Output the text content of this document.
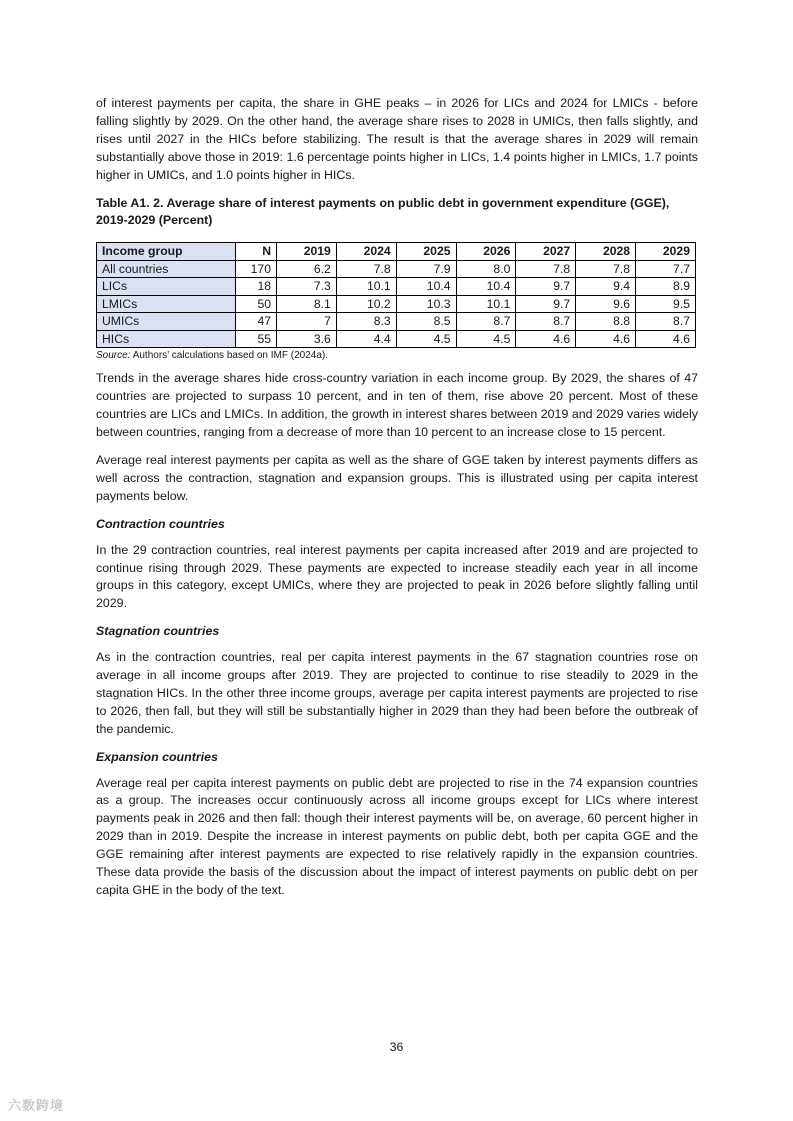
of interest payments per capita, the share in GHE peaks – in 2026 for LICs and 2024 for LMICs - before falling slightly by 2029. On the other hand, the average share rises to 2028 in UMICs, then falls slightly, and rises until 2027 in the HICs before stabilizing. The result is that the average shares in 2029 will remain substantially above those in 2019: 1.6 percentage points higher in LICs, 1.4 points higher in LMICs, 1.7 points higher in UMICs, and 1.0 points higher in HICs.

Table A1. 2. Average share of interest payments on public debt in government expenditure (GGE), 2019-2029 (Percent)
Income group	N	2019	2024	2025	2026	2027	2028	2029
All countries	170	6.2	7.8	7.9	8.0	7.8	7.8	7.7
LICs	18	7.3	10.1	10.4	10.4	9.7	9.4	8.9
LMICs	50	8.1	10.2	10.3	10.1	9.7	9.6	9.5
UMICs	47	7	8.3	8.5	8.7	8.7	8.8	8.7
HICs	55	3.6	4.4	4.5	4.5	4.6	4.6	4.6
Source: Authors’ calculations based on IMF (2024a).

Trends in the average shares hide cross-country variation in each income group. By 2029, the shares of 47 countries are projected to surpass 10 percent, and in ten of them, rise above 20 percent. Most of these countries are LICs and LMICs. In addition, the growth in interest shares between 2019 and 2029 varies widely between countries, ranging from a decrease of more than 10 percent to an increase close to 15 percent.

Average real interest payments per capita as well as the share of GGE taken by interest payments differs as well across the contraction, stagnation and expansion groups. This is illustrated using per capita interest payments below.

Contraction countries

In the 29 contraction countries, real interest payments per capita increased after 2019 and are projected to continue rising through 2029. These payments are expected to increase steadily each year in all income groups in this category, except UMICs, where they are projected to peak in 2026 before slightly falling until 2029.

Stagnation countries

As in the contraction countries, real per capita interest payments in the 67 stagnation countries rose on average in all income groups after 2019. They are projected to continue to rise steadily to 2029 in the stagnation HICs. In the other three income groups, average per capita interest payments are projected to rise to 2026, then fall, but they will still be substantially higher in 2029 than they had been before the outbreak of the pandemic.

Expansion countries

Average real per capita interest payments on public debt are projected to rise in the 74 expansion countries as a group. The increases occur continuously across all income groups except for LICs where interest payments peak in 2026 and then fall: though their interest payments will be, on average, 60 percent higher in 2029 than in 2019. Despite the increase in interest payments on public debt, both per capita GGE and the GGE remaining after interest payments are expected to rise relatively rapidly in the expansion countries. These data provide the basis of the discussion about the impact of interest payments on public debt on per capita GHE in the body of the text.

36
六数跨境
